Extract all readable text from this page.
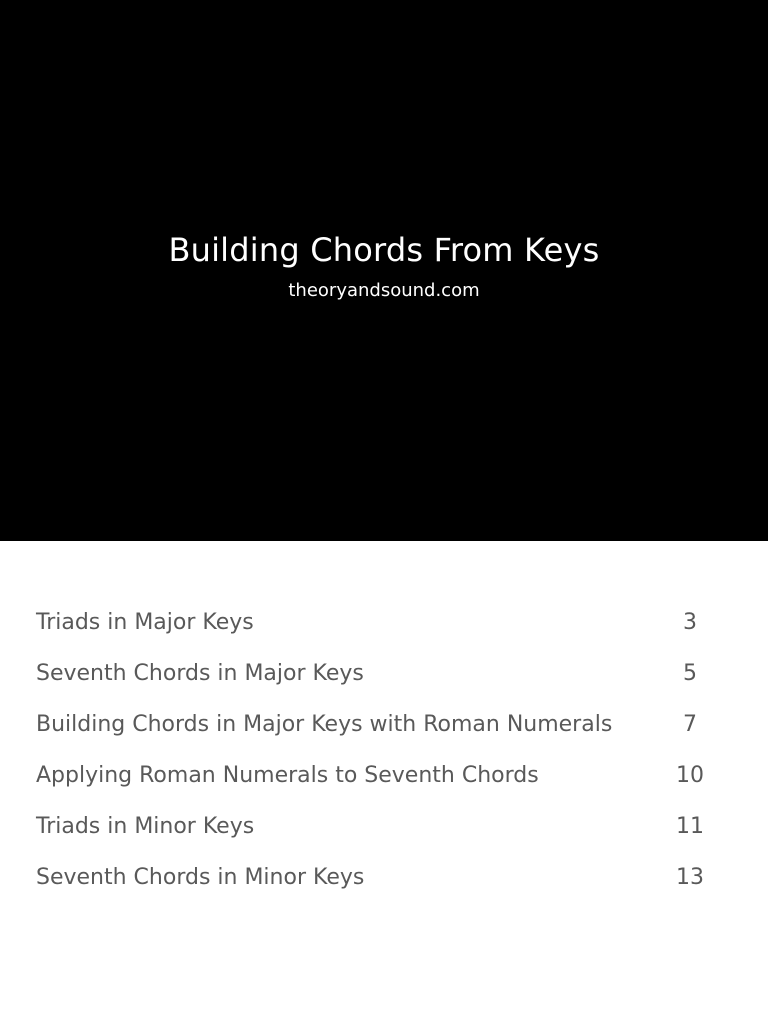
Building Chords From Keys
theoryandsound.com
Triads in Major Keys	3
Seventh Chords in Major Keys	5
Building Chords in Major Keys with Roman Numerals	7
Applying Roman Numerals to Seventh Chords	10
Triads in Minor Keys	11
Seventh Chords in Minor Keys	13
